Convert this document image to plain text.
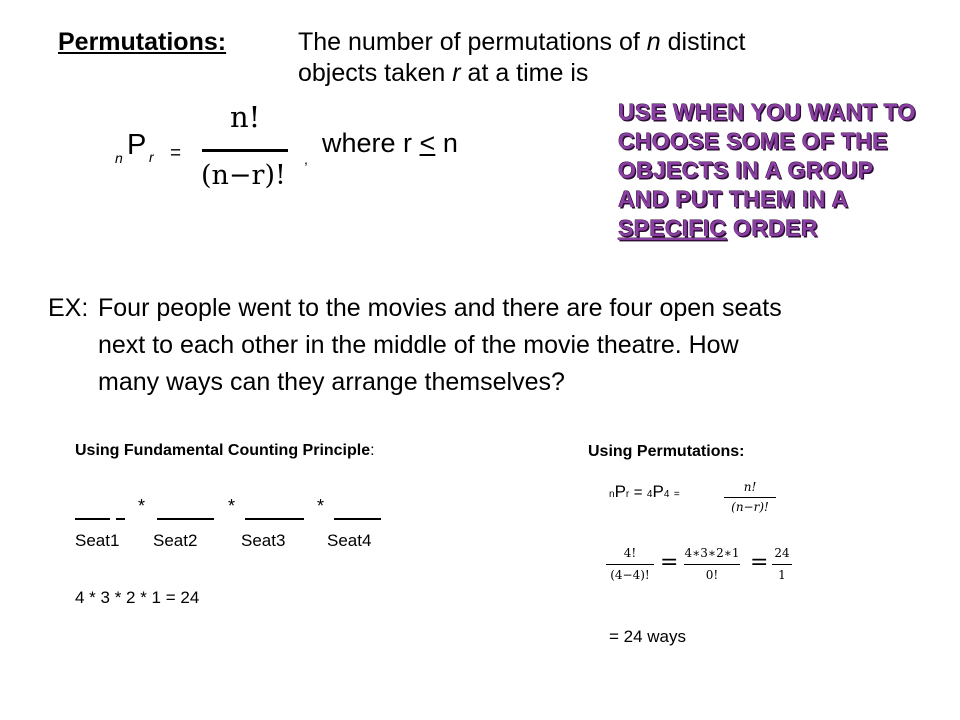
Permutations:	The number of permutations of n distinct
objects taken r at a time is
n P r =
n!
(n−r)!
,
where r ≤ n
USE WHEN YOU WANT TO
CHOOSE SOME OF THE
OBJECTS IN A GROUP
AND PUT THEM IN A
SPECIFIC ORDER
EX: Four people went to the movies and there are four open seats
next to each other in the middle of the movie theatre. How
many ways can they arrange themselves?
Using Fundamental Counting Principle:
*	*	*
Seat1 Seat2	Seat3 Seat4
4 * 3 * 2 * 1 = 24
Using Permutations:
nPr = 4P4 =
n!
(n−r)!
4!
(4−4)! = 4∗3∗2∗1
0!	= 24
1
= 24 ways
